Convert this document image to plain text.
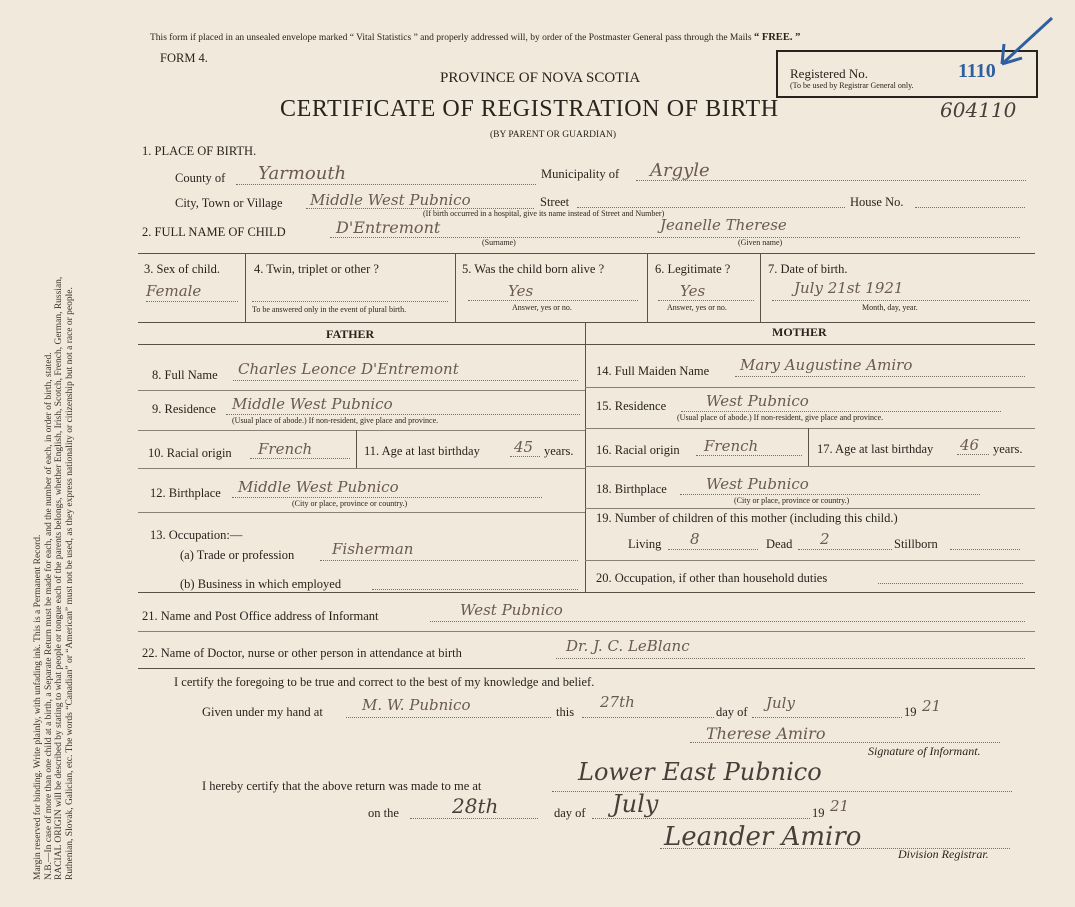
Margin reserved for binding. Write plainly, with unfading ink. This is a Permanent Record. N.B.—In case of more than one child at a birth, a Separate Return must be made for each, and the number of each, in order of birth, stated. RACIAL ORIGIN will be described by stating to what people or tongue each of the parents belongs, whether English, Irish, Scotch, French, German, Russian, Ruthenian, Slovak, Galician, etc. The words “Canadian” or “American” must not be used, as they express nationality or citizenship but not a race or people.
This form if placed in an unsealed envelope marked “ Vital Statistics ” and properly addressed will, by order of the Postmaster General pass through the Mails “ FREE. ”
FORM 4.
PROVINCE OF NOVA SCOTIA
CERTIFICATE OF REGISTRATION OF BIRTH
(BY PARENT OR GUARDIAN)
Registered No.	1110
(To be used by Registrar General only.
604110
1. PLACE OF BIRTH.
County of Yarmouth	Municipality of Argyle
City, Town or Village Middle West Pubnico	Street	House No.
(If birth occurred in a hospital, give its name instead of Street and Number)
2. FULL NAME OF CHILD	D'Entremont
(Surname)
Jeanelle Therese
(Given name)
3. Sex of child.
Female
4. Twin, triplet or other ?
To be answered only in the event of plural birth.
5. Was the child born alive ?
Yes
Answer, yes or no.
6. Legitimate ?
Yes
Answer, yes or no.
7. Date of birth.
July 21st 1921
Month, day, year.
FATHER	MOTHER
8. Full Name Charles Leonce D'Entremont
9. Residence Middle West Pubnico
(Usual place of abode.) If non-resident, give place and province.
10. Racial origin French	11. Age at last birthday 45 years.
12. Birthplace Middle West Pubnico
(City or place, province or country.)
13. Occupation:—
(a) Trade or profession	Fisherman
(b) Business in which employed
14. Full Maiden Name Mary Augustine Amiro
15. Residence	West Pubnico
(Usual place of abode.) If non-resident, give place and province.
16. Racial origin French	17. Age at last birthday 46 years.
18. Birthplace	West Pubnico
(City or place, province or country.)
19. Number of children of this mother (including this child.)
Living 8	Dead 2	Stillborn
20. Occupation, if other than household duties
21. Name and Post Office address of Informant	West Pubnico
22. Name of Doctor, nurse or other person in attendance at birth	Dr. J. C. LeBlanc
I certify the foregoing to be true and correct to the best of my knowledge and belief.
Given under my hand at	M. W. Pubnico	this
27th
day of July	19 21
Therese Amiro
Signature of Informant.
I hereby certify that the above return was made to me at	Lower East Pubnico
on the	28th	day of July	19 21
Leander Amiro
Division Registrar.
